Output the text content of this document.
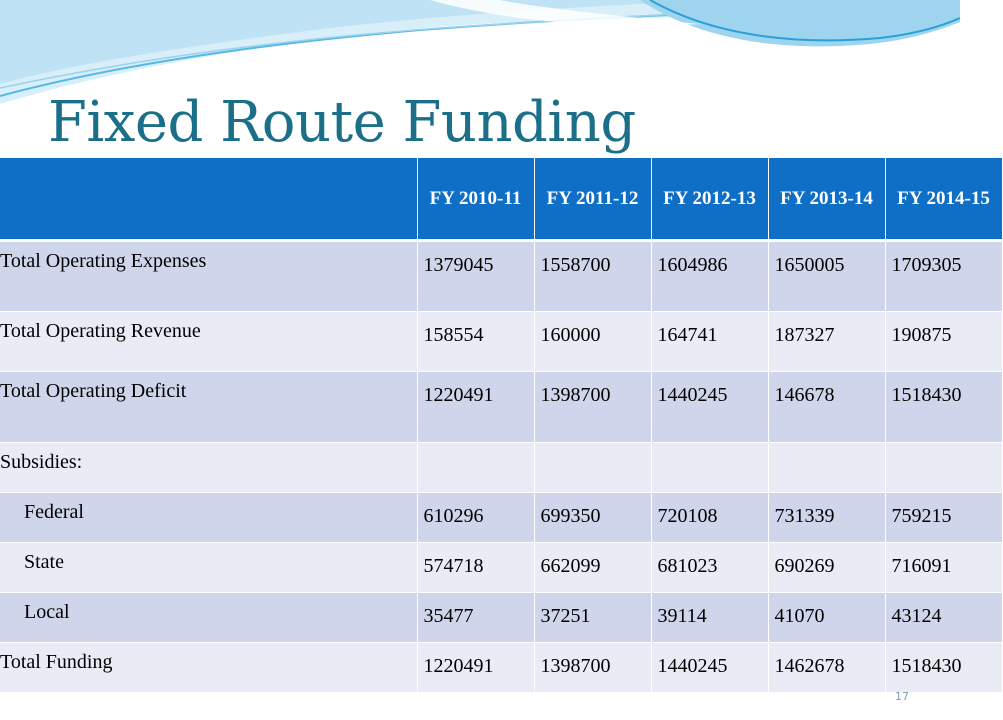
Fixed Route Funding
	FY 2010-11	FY 2011-12	FY 2012-13	FY 2013-14	FY 2014-15
Total Operating Expenses	1379045	1558700	1604986	1650005	1709305
Total Operating Revenue	158554	160000	164741	187327	190875
Total Operating Deficit	1220491	1398700	1440245	146678	1518430
Subsidies:					
Federal	610296	699350	720108	731339	759215
State	574718	662099	681023	690269	716091
Local	35477	37251	39114	41070	43124
Total Funding	1220491	1398700	1440245	1462678	1518430
17
